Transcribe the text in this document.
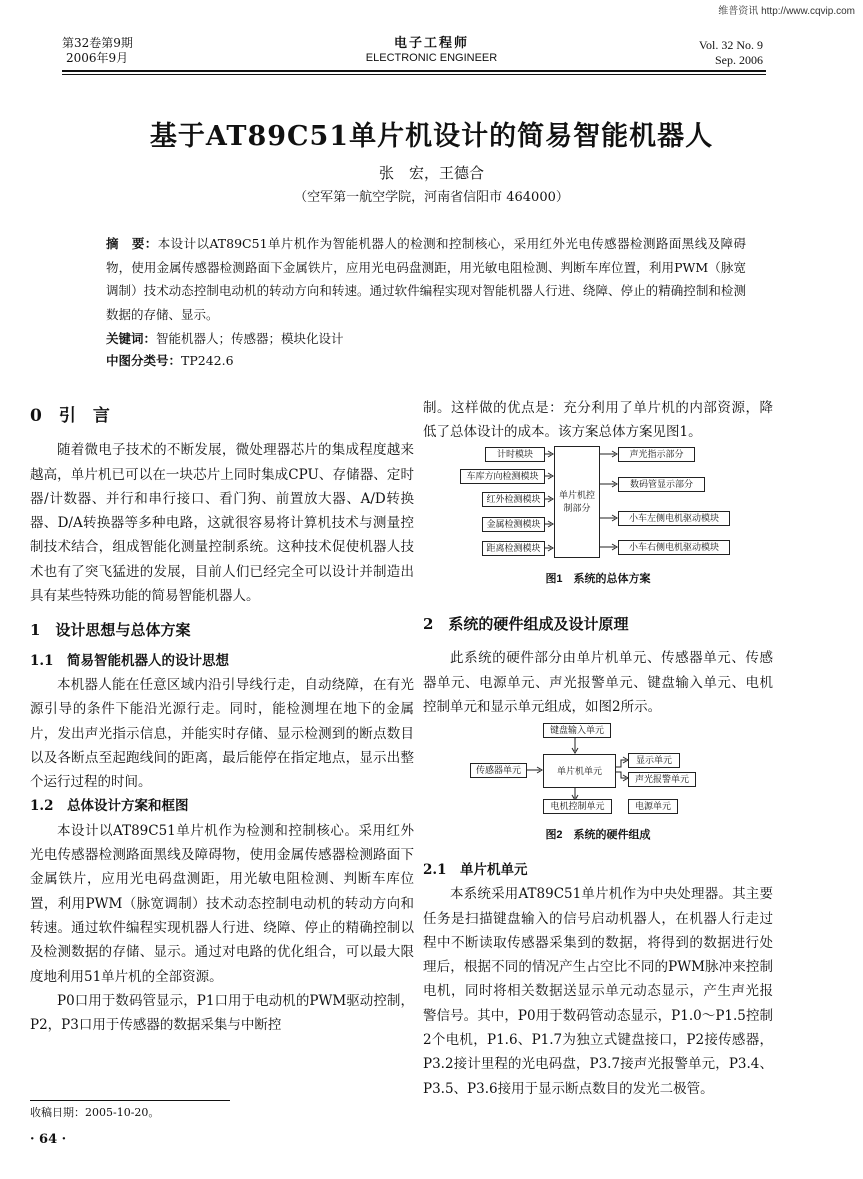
维普资讯 http://www.cqvip.com
第32卷第9期
2006年9月
电子工程师
ELECTRONIC ENGINEER
Vol. 32 No. 9
Sep. 2006
基于AT89C51单片机设计的简易智能机器人
张　宏，王德合
（空军第一航空学院，河南省信阳市 464000）
摘　要：本设计以AT89C51单片机作为智能机器人的检测和控制核心，采用红外光电传感器检测路面黑线及障碍物，使用金属传感器检测路面下金属铁片，应用光电码盘测距，用光敏电阻检测、判断车库位置，利用PWM（脉宽调制）技术动态控制电动机的转动方向和转速。通过软件编程实现对智能机器人行进、绕障、停止的精确控制和检测数据的存储、显示。
关键词：智能机器人；传感器；模块化设计
中图分类号：TP242.6
0　引　言

随着微电子技术的不断发展，微处理器芯片的集成程度越来越高，单片机已可以在一块芯片上同时集成CPU、存储器、定时器/计数器、并行和串行接口、看门狗、前置放大器、A/D转换器、D/A转换器等多种电路，这就很容易将计算机技术与测量控制技术结合，组成智能化测量控制系统。这种技术促使机器人技术也有了突飞猛进的发展，目前人们已经完全可以设计并制造出具有某些特殊功能的简易智能机器人。

1　设计思想与总体方案
1.1　简易智能机器人的设计思想

本机器人能在任意区域内沿引导线行走，自动绕障，在有光源引导的条件下能沿光源行走。同时，能检测埋在地下的金属片，发出声光指示信息，并能实时存储、显示检测到的断点数目以及各断点至起跑线间的距离，最后能停在指定地点，显示出整个运行过程的时间。

1.2　总体设计方案和框图

本设计以AT89C51单片机作为检测和控制核心。采用红外光电传感器检测路面黑线及障碍物，使用金属传感器检测路面下金属铁片，应用光电码盘测距，用光敏电阻检测、判断车库位置，利用PWM（脉宽调制）技术动态控制电动机的转动方向和转速。通过软件编程实现机器人行进、绕障、停止的精确控制以及检测数据的存储、显示。通过对电路的优化组合，可以最大限度地利用51单片机的全部资源。

P0口用于数码管显示，P1口用于电动机的PWM驱动控制，P2，P3口用于传感器的数据采集与中断控

制。这样做的优点是：充分利用了单片机的内部资源，降低了总体设计的成本。该方案总体方案见图1。

计时模块
车库方向检测模块
红外检测模块
金属检测模块
距离检测模块
单片机控制部分
声光指示部分
数码管显示部分
小车左侧电机驱动模块
小车右侧电机驱动模块
图1　系统的总体方案
2　系统的硬件组成及设计原理

此系统的硬件部分由单片机单元、传感器单元、传感器单元、电源单元、声光报警单元、键盘输入单元、电机控制单元和显示单元组成，如图2所示。

键盘输入单元
传感器单元	单片机单元
显示单元
声光报警单元
电机控制单元	电源单元
图2　系统的硬件组成
2.1　单片机单元

本系统采用AT89C51单片机作为中央处理器。其主要任务是扫描键盘输入的信号启动机器人，在机器人行走过程中不断读取传感器采集到的数据，将得到的数据进行处理后，根据不同的情况产生占空比不同的PWM脉冲来控制电机，同时将相关数据送显示单元动态显示，产生声光报警信号。其中，P0用于数码管动态显示，P1.0～P1.5控制2个电机，P1.6、P1.7为独立式键盘接口，P2接传感器，P3.2接计里程的光电码盘，P3.7接声光报警单元，P3.4、P3.5、P3.6接用于显示断点数目的发光二极管。

收稿日期：2005-10-20。
· 64 ·
